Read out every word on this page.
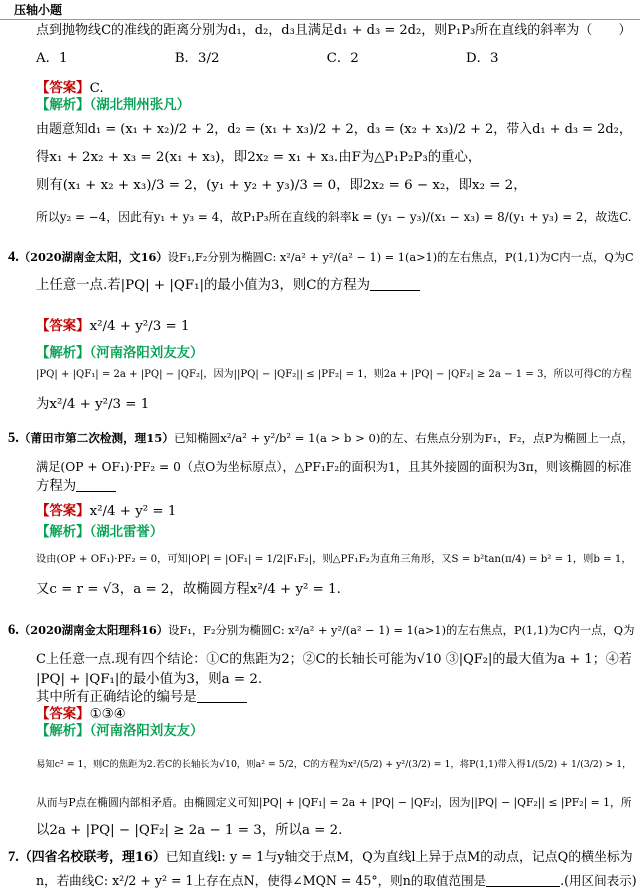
压轴小题
点到抛物线C的准线的距离分别为d₁，d₂，d₃且满足d₁ + d₃ = 2d₂，则P₁P₃所在直线的斜率为（　　）
A．1　　　　　　　　B．3/2　　　　　　　　C．2　　　　　　　　D．3
【答案】C.
【解析】（湖北荆州张凡）
由题意知d₁ = (x₁ + x₂)/2 + 2，d₂ = (x₁ + x₃)/2 + 2，d₃ = (x₂ + x₃)/2 + 2，带入d₁ + d₃ = 2d₂，
得x₁ + 2x₂ + x₃ = 2(x₁ + x₃)，即2x₂ = x₁ + x₃.由F为△P₁P₂P₃的重心，
则有(x₁ + x₂ + x₃)/3 = 2，(y₁ + y₂ + y₃)/3 = 0，即2x₂ = 6 − x₂，即x₂ = 2，
所以y₂ = −4，因此有y₁ + y₃ = 4，故P₁P₃所在直线的斜率k = (y₁ − y₃)/(x₁ − x₃) = 8/(y₁ + y₃) = 2，故选C.
4.（2020湖南金太阳，文16）设F₁,F₂分别为椭圆C: x²/a² + y²/(a² − 1) = 1(a>1)的左右焦点，P(1,1)为C内一点，Q为C
上任意一点.若|PQ| + |QF₁|的最小值为3，则C的方程为
【答案】x²/4 + y²/3 = 1
【解析】（河南洛阳刘友友）
|PQ| + |QF₁| = 2a + |PQ| − |QF₂|，因为||PQ| − |QF₂|| ≤ |PF₂| = 1，则2a + |PQ| − |QF₂| ≥ 2a − 1 = 3，所以可得C的方程
为x²/4 + y²/3 = 1
5.（莆田市第二次检测，理15）已知椭圆x²/a² + y²/b² = 1(a > b > 0)的左、右焦点分别为F₁，F₂，点P为椭圆上一点，
满足(OP + OF₁)·PF₂ = 0（点O为坐标原点），△PF₁F₂的面积为1，且其外接圆的面积为3π，则该椭圆的标准
方程为
【答案】x²/4 + y² = 1
【解析】（湖北雷誉）
设由(OP + OF₁)·PF₂ = 0，可知|OP| = |OF₁| = 1/2|F₁F₂|，则△PF₁F₂为直角三角形，又S = b²tan(π/4) = b² = 1，则b = 1，
又c = r = √3，a = 2，故椭圆方程x²/4 + y² = 1.
6.（2020湖南金太阳理科16）设F₁，F₂分别为椭圆C: x²/a² + y²/(a² − 1) = 1(a>1)的左右焦点，P(1,1)为C内一点，Q为
C上任意一点.现有四个结论：①C的焦距为2；②C的长轴长可能为√10 ③|QF₂|的最大值为a + 1；④若
|PQ| + |QF₁|的最小值为3，则a = 2.
其中所有正确结论的编号是
【答案】①③④
【解析】（河南洛阳刘友友）
易知c² = 1，则C的焦距为2.若C的长轴长为√10，则a² = 5/2，C的方程为x²/(5/2) + y²/(3/2) = 1，将P(1,1)带入得1/(5/2) + 1/(3/2) > 1，
从而与P点在椭圆内部相矛盾。由椭圆定义可知|PQ| + |QF₁| = 2a + |PQ| − |QF₂|，因为||PQ| − |QF₂|| ≤ |PF₂| = 1，所
以2a + |PQ| − |QF₂| ≥ 2a − 1 = 3，所以a = 2.
7.（四省名校联考，理16）已知直线l: y = 1与y轴交于点M，Q为直线l上异于点M的动点，记点Q的横坐标为
n，若曲线C: x²/2 + y² = 1上存在点N，使得∠MQN = 45°，则n的取值范围是	.(用区间表示)
